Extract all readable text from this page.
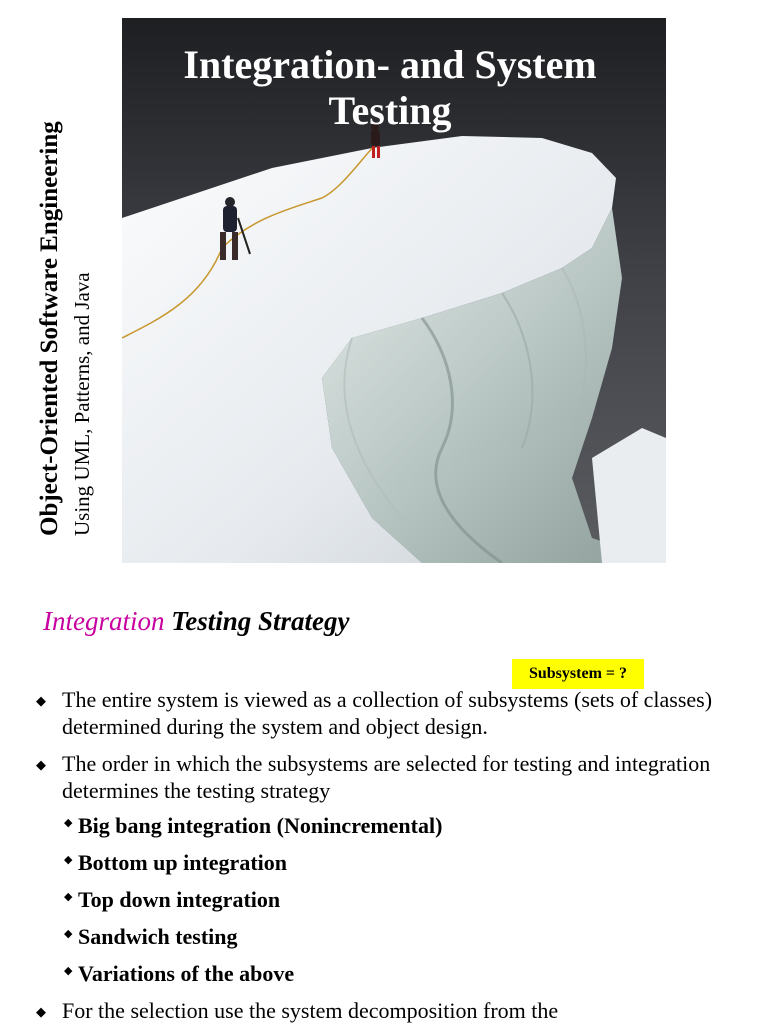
Object-Oriented Software Engineering Using UML, Patterns, and Java
Integration- and System
Testing
Integration Testing Strategy
Subsystem = ?
◆ The entire system is viewed as a collection of subsystems (sets of classes) determined during the system and object design.
◆ The order in which the subsystems are selected for testing and integration determines the testing strategy
◆ Big bang integration (Nonincremental)
◆ Bottom up integration
◆ Top down integration
◆ Sandwich testing
◆ Variations of the above
◆ For the selection use the system decomposition from the
